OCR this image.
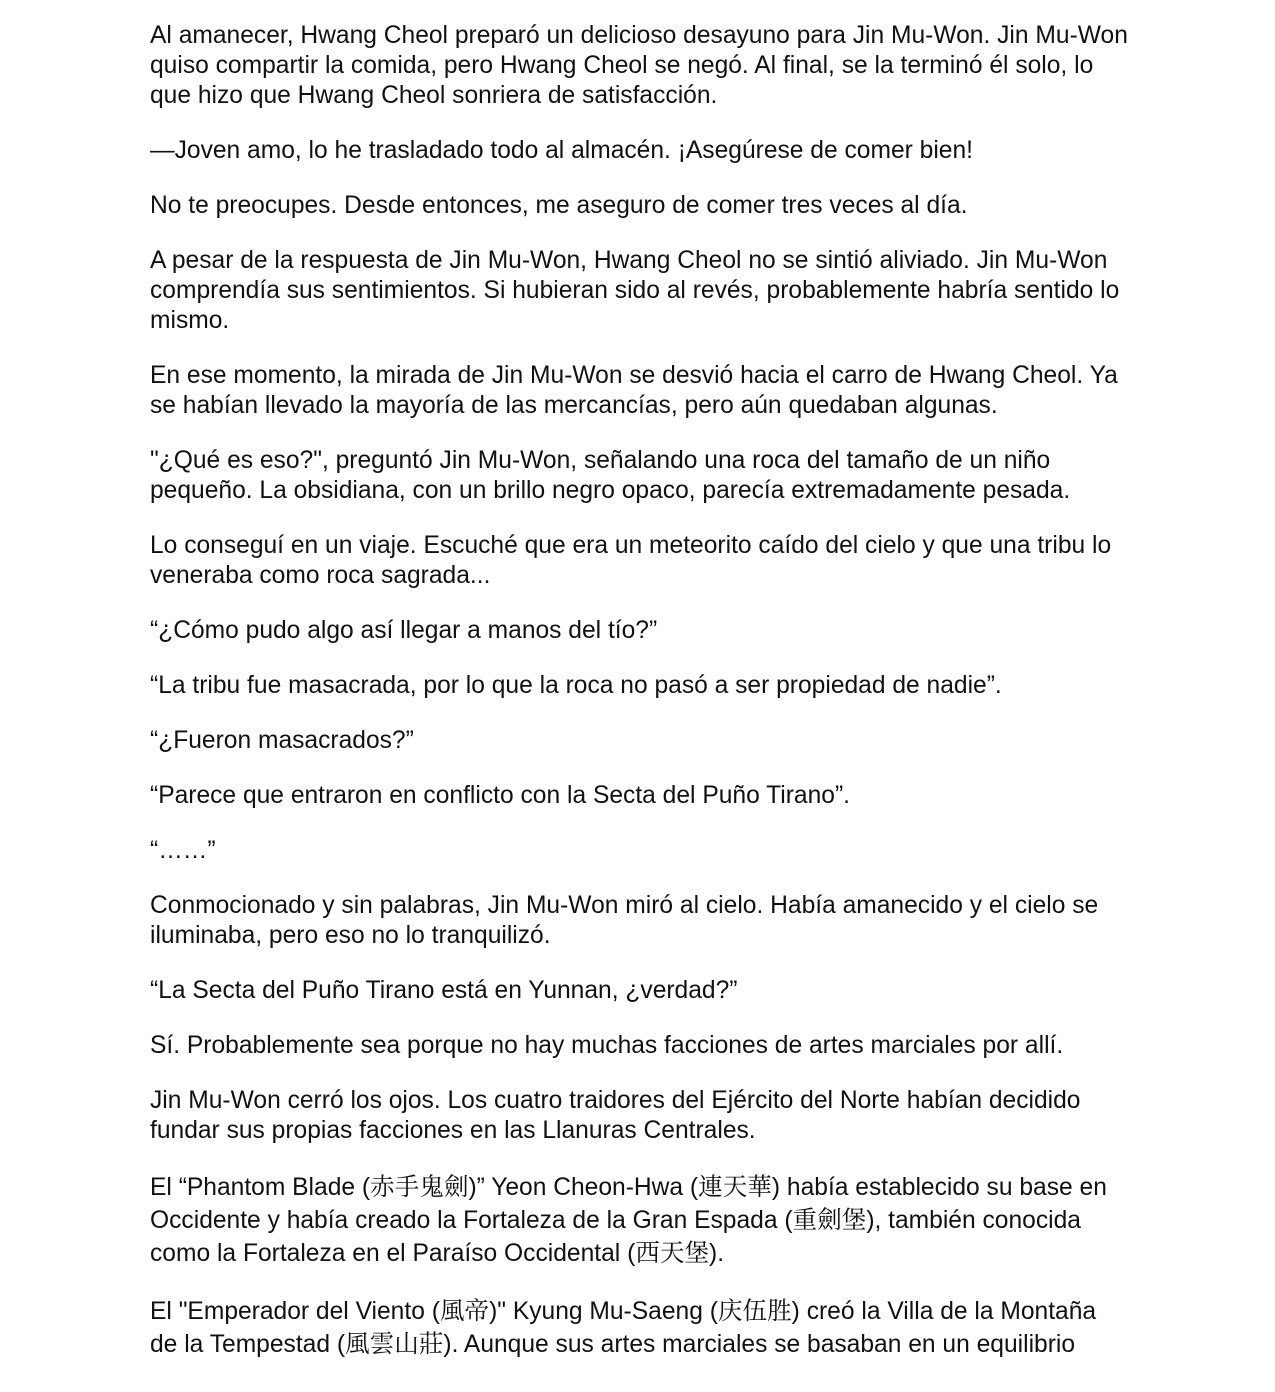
Al amanecer, Hwang Cheol preparó un delicioso desayuno para Jin Mu-Won. Jin Mu-Won quiso compartir la comida, pero Hwang Cheol se negó. Al final, se la terminó él solo, lo que hizo que Hwang Cheol sonriera de satisfacción.

—Joven amo, lo he trasladado todo al almacén. ¡Asegúrese de comer bien!

No te preocupes. Desde entonces, me aseguro de comer tres veces al día.

A pesar de la respuesta de Jin Mu-Won, Hwang Cheol no se sintió aliviado. Jin Mu-Won comprendía sus sentimientos. Si hubieran sido al revés, probablemente habría sentido lo mismo.

En ese momento, la mirada de Jin Mu-Won se desvió hacia el carro de Hwang Cheol. Ya se habían llevado la mayoría de las mercancías, pero aún quedaban algunas.

"¿Qué es eso?", preguntó Jin Mu-Won, señalando una roca del tamaño de un niño pequeño. La obsidiana, con un brillo negro opaco, parecía extremadamente pesada.

Lo conseguí en un viaje. Escuché que era un meteorito caído del cielo y que una tribu lo veneraba como roca sagrada...

“¿Cómo pudo algo así llegar a manos del tío?”

“La tribu fue masacrada, por lo que la roca no pasó a ser propiedad de nadie”.

“¿Fueron masacrados?”

“Parece que entraron en conflicto con la Secta del Puño Tirano”.

“……”

Conmocionado y sin palabras, Jin Mu-Won miró al cielo. Había amanecido y el cielo se iluminaba, pero eso no lo tranquilizó.

“La Secta del Puño Tirano está en Yunnan, ¿verdad?”

Sí. Probablemente sea porque no hay muchas facciones de artes marciales por allí.

Jin Mu-Won cerró los ojos. Los cuatro traidores del Ejército del Norte habían decidido fundar sus propias facciones en las Llanuras Centrales.

El “Phantom Blade (赤手鬼劍)” Yeon Cheon-Hwa (連天華) había establecido su base en Occidente y había creado la Fortaleza de la Gran Espada (重劍堡), también conocida como la Fortaleza en el Paraíso Occidental (西天堡).

El "Emperador del Viento (風帝)" Kyung Mu-Saeng (庆伍胜) creó la Villa de la Montaña de la Tempestad (風雲山莊). Aunque sus artes marciales se basaban en un equilibrio
